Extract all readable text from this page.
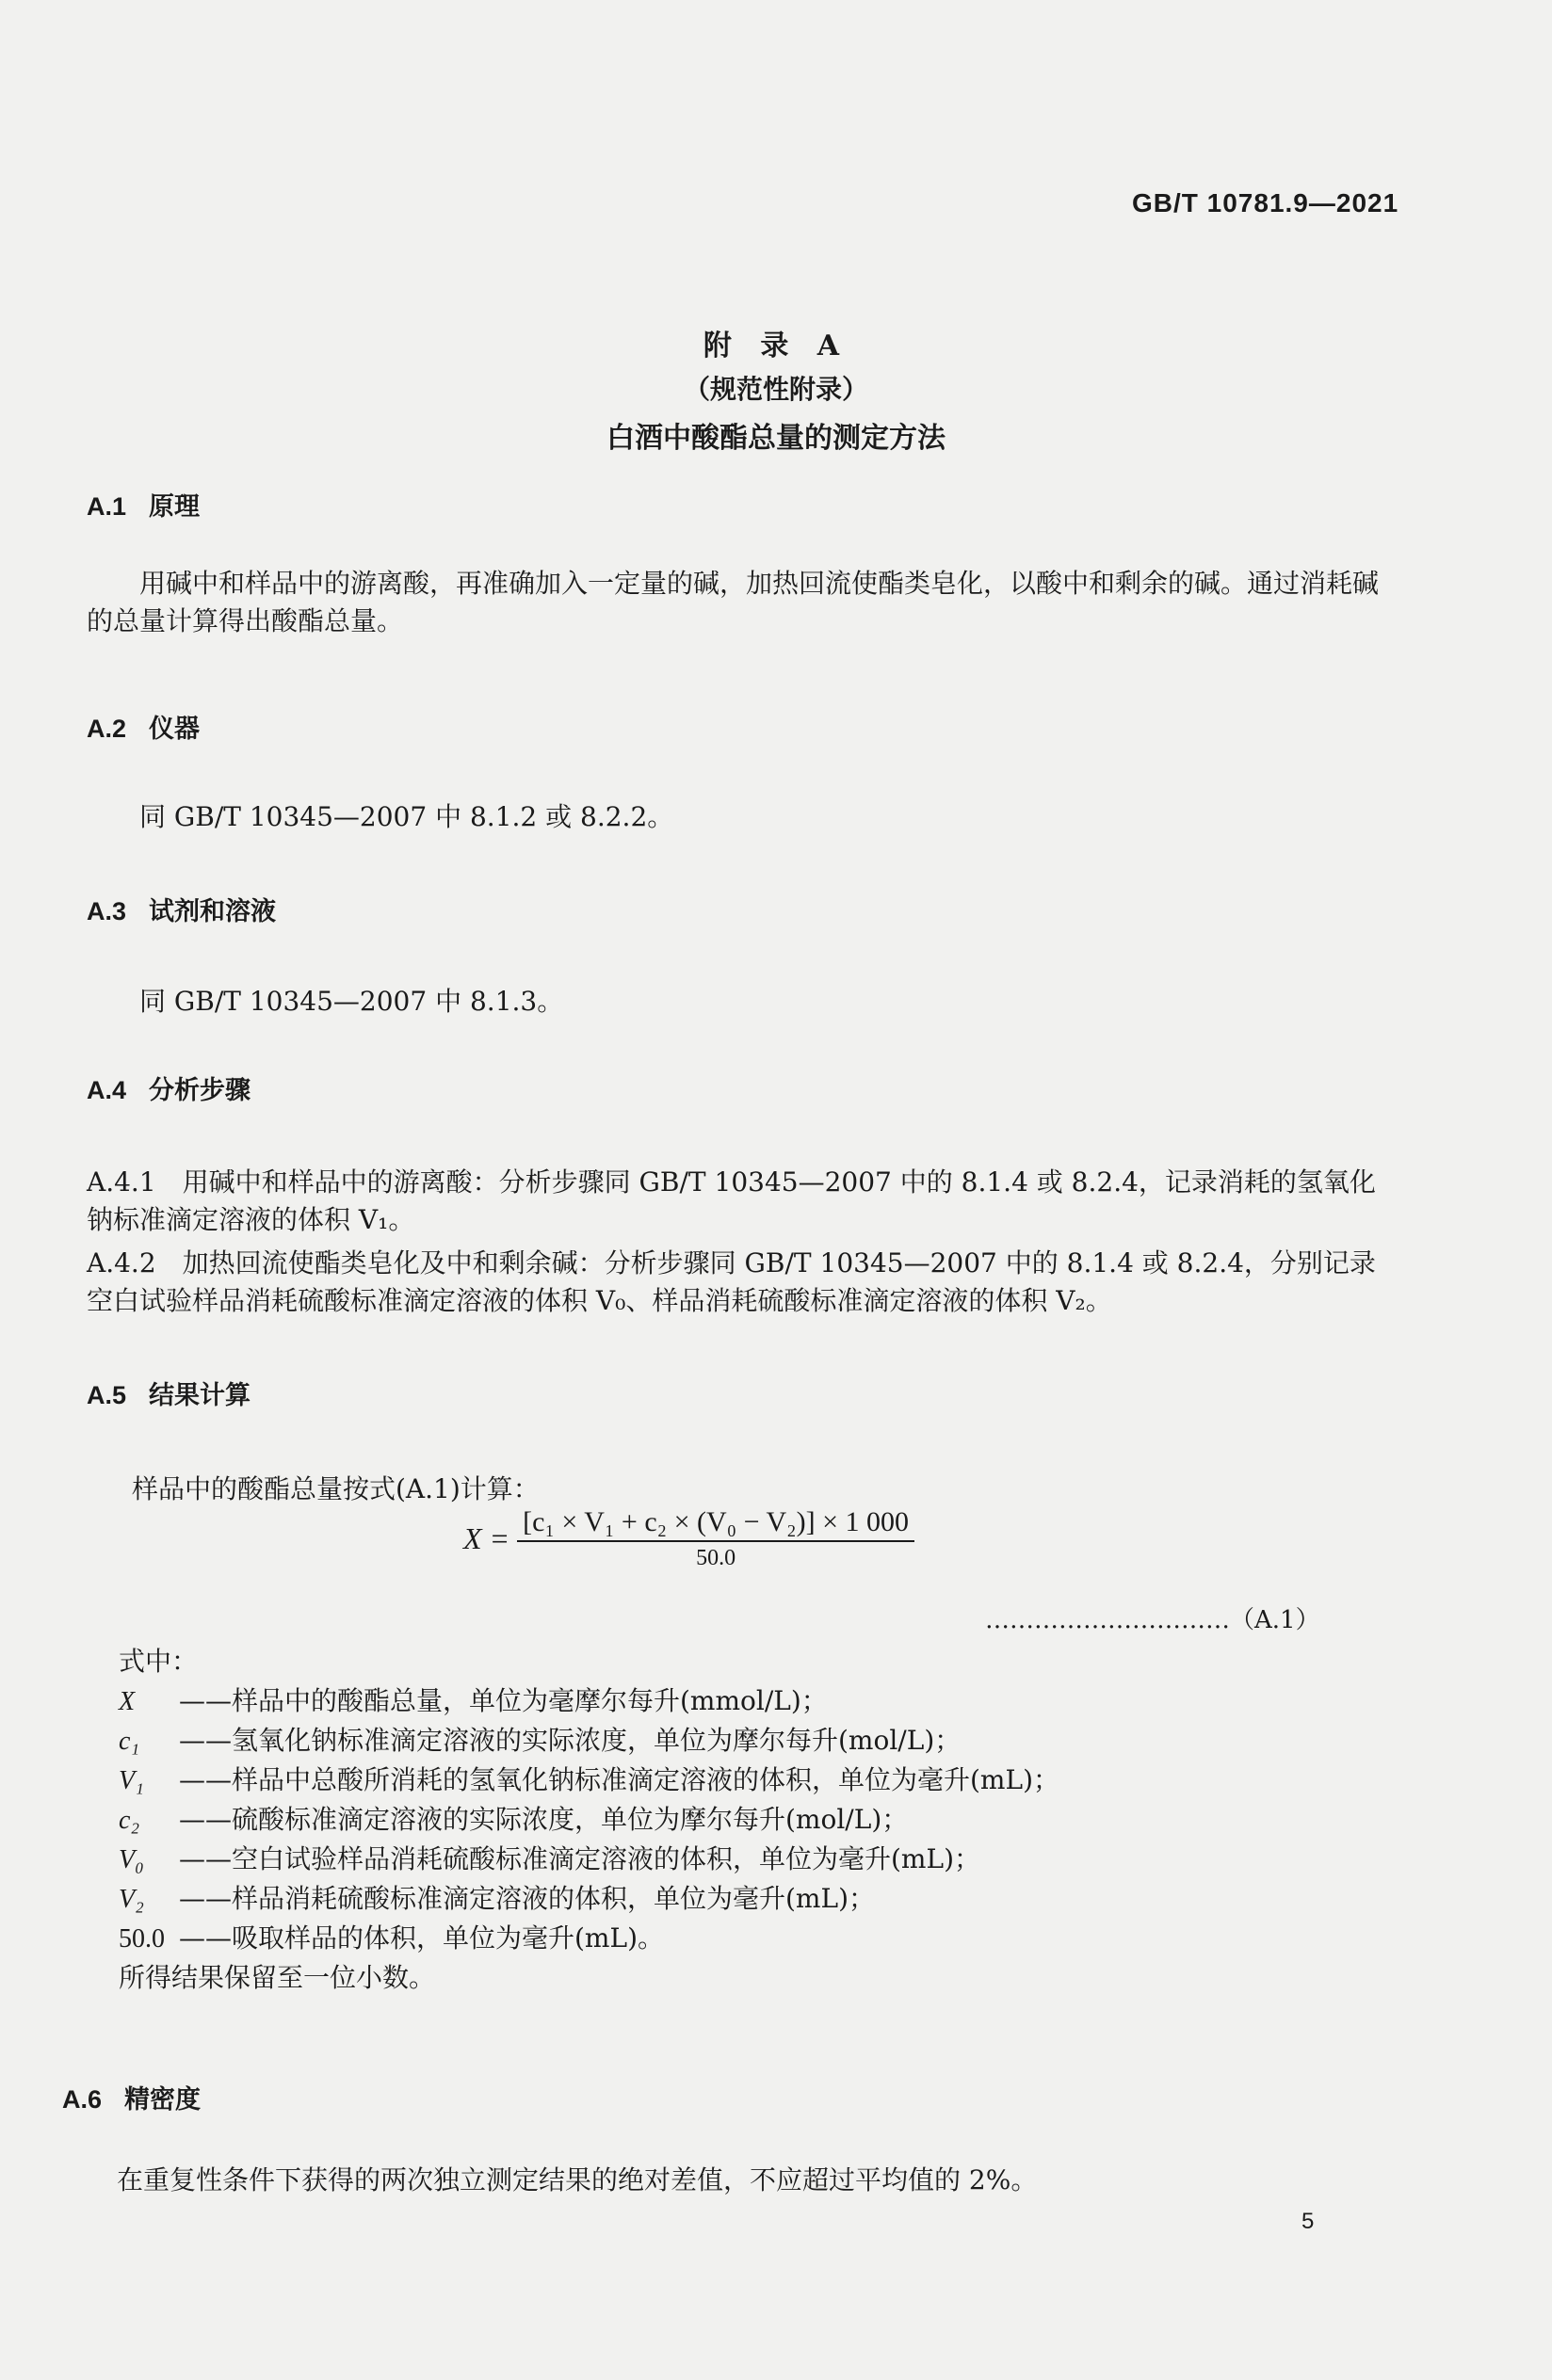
GB/T 10781.9—2021
附 录 A
（规范性附录）
白酒中酸酯总量的测定方法
A.1 原理
用碱中和样品中的游离酸，再准确加入一定量的碱，加热回流使酯类皂化，以酸中和剩余的碱。通过消耗碱的总量计算得出酸酯总量。
A.2 仪器
同 GB/T 10345—2007 中 8.1.2 或 8.2.2。
A.3 试剂和溶液
同 GB/T 10345—2007 中 8.1.3。
A.4 分析步骤
A.4.1　用碱中和样品中的游离酸：分析步骤同 GB/T 10345—2007 中的 8.1.4 或 8.2.4，记录消耗的氢氧化钠标准滴定溶液的体积 V₁。
A.4.2　加热回流使酯类皂化及中和剩余碱：分析步骤同 GB/T 10345—2007 中的 8.1.4 或 8.2.4，分别记录空白试验样品消耗硫酸标准滴定溶液的体积 V₀、样品消耗硫酸标准滴定溶液的体积 V₂。
A.5 结果计算
样品中的酸酯总量按式(A.1)计算：
$X = \frac{\text{[c₁ × V₁ + c₂ × (V₀ − V₂)] × 1 000}}{50.0}$
…………………………（A.1）
式中：
X ——样品中的酸酯总量，单位为毫摩尔每升(mmol/L)；
c₁ ——氢氧化钠标准滴定溶液的实际浓度，单位为摩尔每升(mol/L)；
V₁ ——样品中总酸所消耗的氢氧化钠标准滴定溶液的体积，单位为毫升(mL)；
c₂ ——硫酸标准滴定溶液的实际浓度，单位为摩尔每升(mol/L)；
V₀ ——空白试验样品消耗硫酸标准滴定溶液的体积，单位为毫升(mL)；
V₂ ——样品消耗硫酸标准滴定溶液的体积，单位为毫升(mL)；
50.0 ——吸取样品的体积，单位为毫升(mL)。
所得结果保留至一位小数。
A.6 精密度
在重复性条件下获得的两次独立测定结果的绝对差值，不应超过平均值的 2%。
5
